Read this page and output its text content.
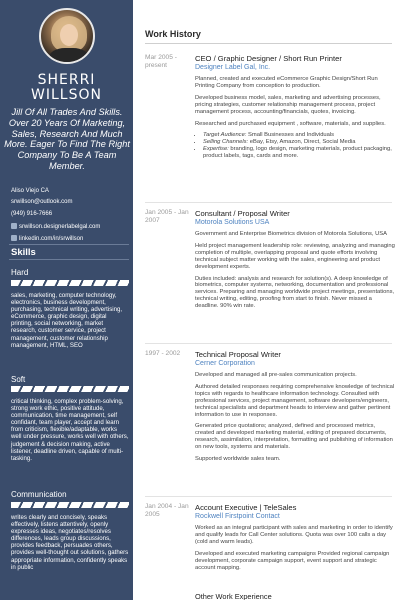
SHERRI
WILLSON
Jill Of All Trades And Skills. Over 20 Years Of Marketing, Sales, Research And Much More. Eager To Find The Right Company To Be A Team Member.
Aliso Viejo CA
srwillson@outlook.com
(949) 916-7666
srwillson.designerlabelgal.com
linkedin.com/in/srwillson
Skills
Hard
sales, marketing, computer technology, electronics, business development, purchasing, technical writing, advertising, eCommerce, graphic design, digital printing, social networking, market research, customer service, project management, customer relationship management, HTML, SEO
Soft
critical thinking, complex problem-solving, strong work ethic, positive attitude, communication, time management, self confidant, team player, accept and learn from criticism, flexible/adaptable, works well under pressure, works well with others, judgement & decision making, active listener, deadline driven, capable of multi-tasking.
Communication
writes clearly and concisely, speaks effectively, listens attentively, openly expresses ideas, negotiates/resolves differences, leads group discussions, provides feedback, persuades others, provides well-thought out solutions, gathers appropriate information, confidently speaks in public
Work History
Mar 2005 - present
CEO / Graphic Designer / Short Run Printer
Designer Label Gal, Inc.

Planned, created and executed eCommerce Graphic Design/Short Run Printing Company from conception to production.

Developed business model, sales, marketing and advertising processes, pricing strategies, customer relationship management process, project management process, accounting/financials, quotes, invoicing.

Researched and purchased equipment , software, materials, and supplies.

• Target Audience: Small Businesses and Individuals
• Selling Channels: eBay, Etsy, Amazon, Direct, Social Media
• Expertise: branding, logo design, marketing materials, product packaging, product labels, tags, cards and more.
Jan 2005 - Jan 2007
Consultant / Proposal Writer
Motorola Solutions USA

Government and Enterprise Biometrics division of Motorola Solutions, USA

Held project management leadership role: reviewing, analyzing and managing completion of multiple, overlapping proposal and quote efforts involving technical subject matter working with the sales, engineering and product development experts.

Duties included: analysis and research for solution(s). A deep knowledge of biometrics, computer systems, networking, documentation and professional services. Preparing and managing worldwide project meetings, presentations, technical writing, editing, proofing from start to finish. Never missed a deadline. 90% win rate.

1997 - 2002	Technical Proposal Writer
Cerner Corporation

Developed and managed all pre-sales communication projects.

Authored detailed responses requiring comprehensive knowledge of technical topics with regards to healthcare information technology. Consulted with professional services, project management, software developers/engineers, technical specialists and department heads to interview and gather pertinent information to use in responses.

Generated price quotations; analyzed, defined and processed metrics, created and developed marketing material, editing of prepared documents, research, assimilation, interpretation, formatting and publishing of information on new tools, systems and materials.

Supported worldwide sales team.

Jan 2004 - Jan 2005
Account Executive | TeleSales
Rockwell Firstpoint Contact

Worked as an integral participant with sales and marketing in order to identify and qualify leads for Call Center solutions. Quota was over 100 calls a day (cold and warm leads).

Developed and executed marketing campaigns Provided regional campaign development, corporate campaign support, event support and strategic account mapping.

Other Work Experience
